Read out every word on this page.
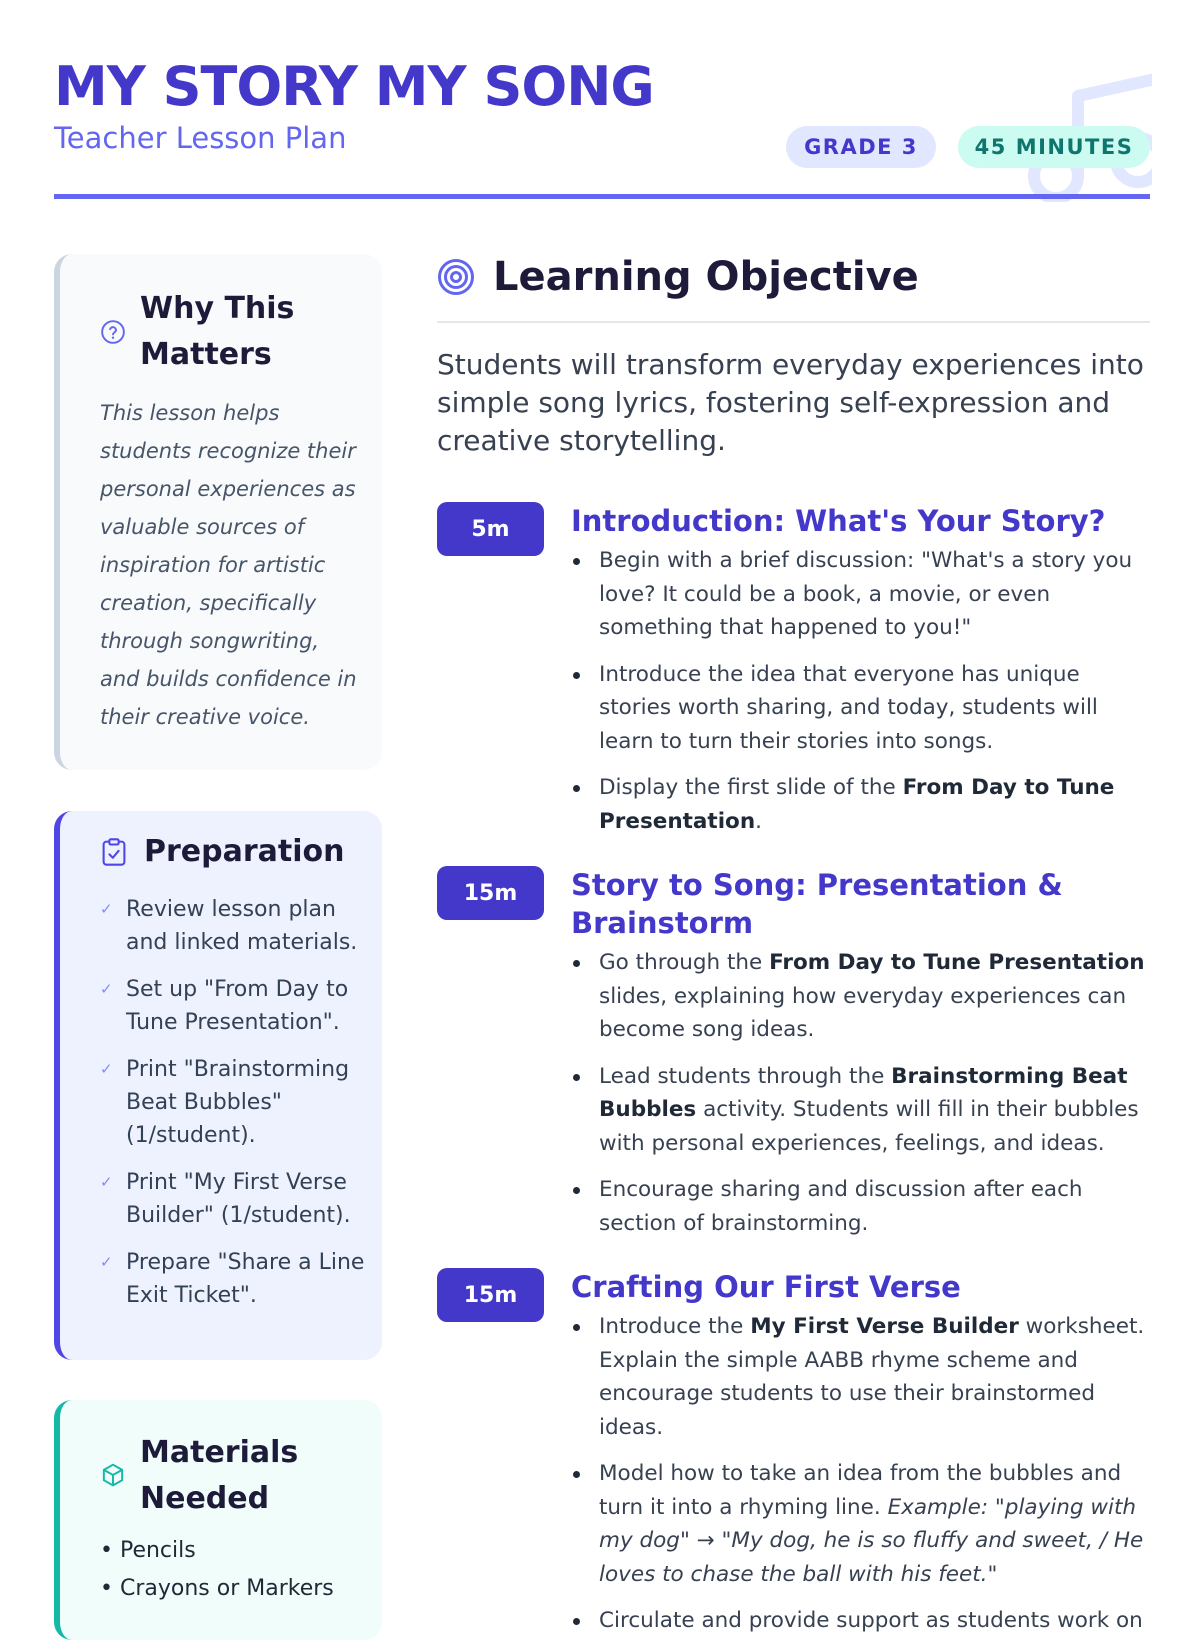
MY STORY MY SONG
Teacher Lesson Plan	GRADE 3	45 MINUTES
Why This
Matters
This lesson helps students recognize their personal experiences as valuable sources of inspiration for artistic creation, specifically through songwriting, and builds confidence in their creative voice.
Preparation
✓ Review lesson plan and linked materials.
✓ Set up "From Day to Tune Presentation".
✓ Print "Brainstorming Beat Bubbles" (1/student).
✓ Print "My First Verse Builder" (1/student).
✓ Prepare "Share a Line Exit Ticket".
Materials
Needed
• Pencils
• Crayons or Markers
Learning Objective
Students will transform everyday experiences into simple song lyrics, fostering self-expression and creative storytelling.
5m	Introduction: What's Your Story?
Begin with a brief discussion: "What's a story you love? It could be a book, a movie, or even something that happened to you!"
Introduce the idea that everyone has unique stories worth sharing, and today, students will learn to turn their stories into songs.
Display the first slide of the From Day to Tune Presentation.
15m	Story to Song: Presentation & Brainstorm
Go through the From Day to Tune Presentation slides, explaining how everyday experiences can become song ideas.
Lead students through the Brainstorming Beat Bubbles activity. Students will fill in their bubbles with personal experiences, feelings, and ideas.
Encourage sharing and discussion after each section of brainstorming.
15m	Crafting Our First Verse
Introduce the My First Verse Builder worksheet. Explain the simple AABB rhyme scheme and encourage students to use their brainstormed ideas.
Model how to take an idea from the bubbles and turn it into a rhyming line. Example: "playing with my dog" → "My dog, he is so fluffy and sweet, / He loves to chase the ball with his feet."
Circulate and provide support as students work on
